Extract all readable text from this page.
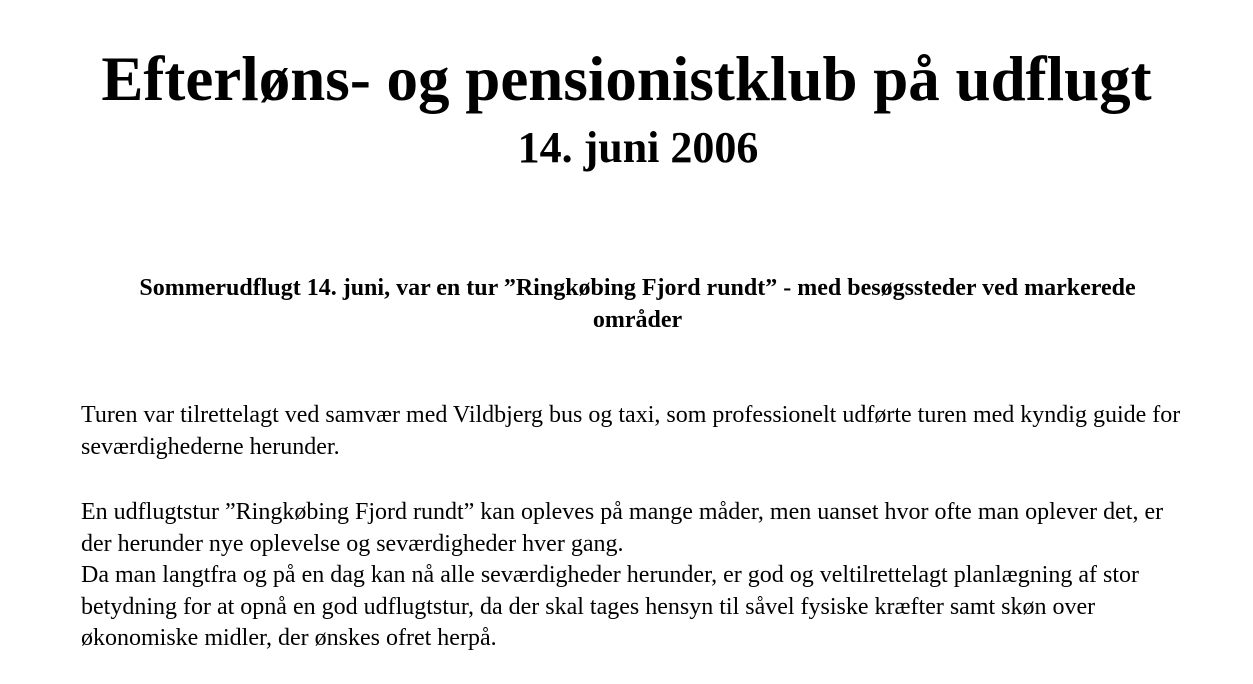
Efterløns- og pensionistklub på udflugt
14. juni 2006
Sommerudflugt 14. juni, var en tur ”Ringkøbing Fjord rundt” - med besøgssteder ved markerede områder

Turen var tilrettelagt ved samvær med Vildbjerg bus og taxi, som professionelt udførte turen med kyndig guide for seværdighederne herunder.

En udflugtstur ”Ringkøbing Fjord rundt” kan opleves på mange måder, men uanset hvor ofte man oplever det, er der herunder nye oplevelse og seværdigheder hver gang.

Da man langtfra og på en dag kan nå alle seværdigheder herunder, er god og veltilrettelagt planlægning af stor betydning for at opnå en god udflugtstur, da der skal tages hensyn til såvel fysiske kræfter samt skøn over økonomiske midler, der ønskes ofret herpå.
